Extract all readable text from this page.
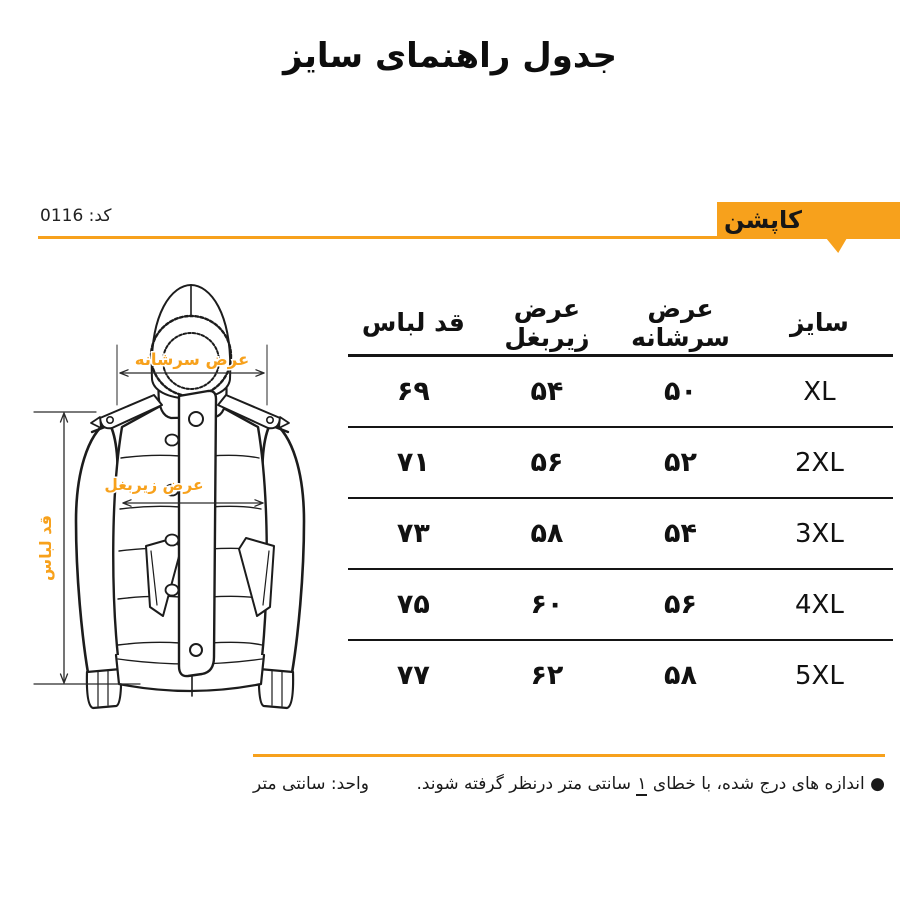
جدول راهنمای سایز
کاپشن
کد: 0116
عرض سرشانه
عرض زیربغل
قد لباس
سایز	عرض سرشانه	عرض زیربغل	قد لباس
XL	۵۰	۵۴	۶۹
2XL	۵۲	۵۶	۷۱
3XL	۵۴	۵۸	۷۳
4XL	۵۶	۶۰	۷۵
5XL	۵۸	۶۲	۷۷
● اندازه های درج شده، با خطای ۱ سانتی متر درنظر گرفته شوند.
واحد: سانتی متر
